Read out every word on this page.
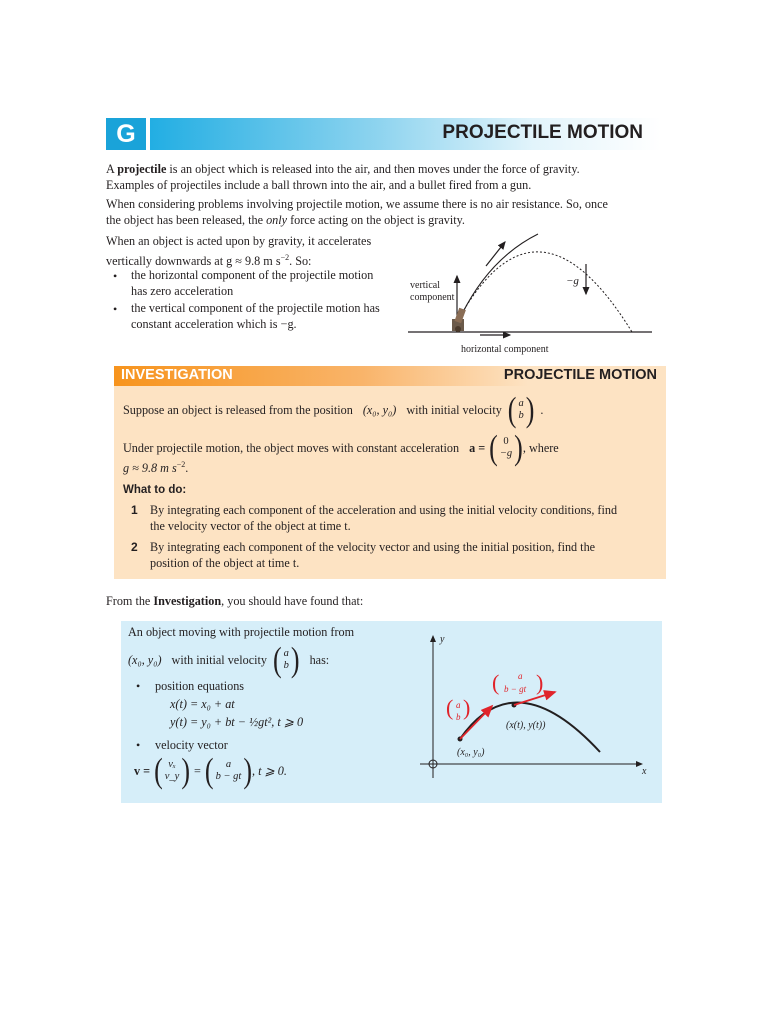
G	PROJECTILE MOTION
A projectile is an object which is released into the air, and then moves under the force of gravity.
Examples of projectiles include a ball thrown into the air, and a bullet fired from a gun.
When considering problems involving projectile motion, we assume there is no air resistance. So, once
the object has been released, the only force acting on the object is gravity.
When an object is acted upon by gravity, it accelerates
vertically downwards at g ≈ 9.8 m $s^{-2}$. So:
• the horizontal component of the projectile motion
has zero acceleration
• the vertical component of the projectile motion has
constant acceleration which is −g.
vertical
component
−g
horizontal component
INVESTIGATION	PROJECTILE MOTION
Suppose an object is released from the position (x₀, y₀) with initial velocity ( a
b ) .
Under projectile motion, the object moves with constant acceleration a = ( 0
−g ) , where
g ≈ 9.8 m $s^{-2}$.
What to do:
1 By integrating each component of the acceleration and using the initial velocity conditions, find
the velocity vector of the object at time t.
2 By integrating each component of the velocity vector and using the initial position, find the
position of the object at time t.
From the Investigation, you should have found that:
An object moving with projectile motion from
(x₀, y₀) with initial velocity ( a
b ) has:
• position equations
x(t) = x₀ + at
y(t) = y₀ + bt − ½gt², t ⩾ 0
• velocity vector
v = ( vₓ
v_y ) = ( a
b − gt ) , t ⩾ 0.
y
x
(x₀, y₀)
(x(t), y(t))
( a
b )
( a
b − gt )
